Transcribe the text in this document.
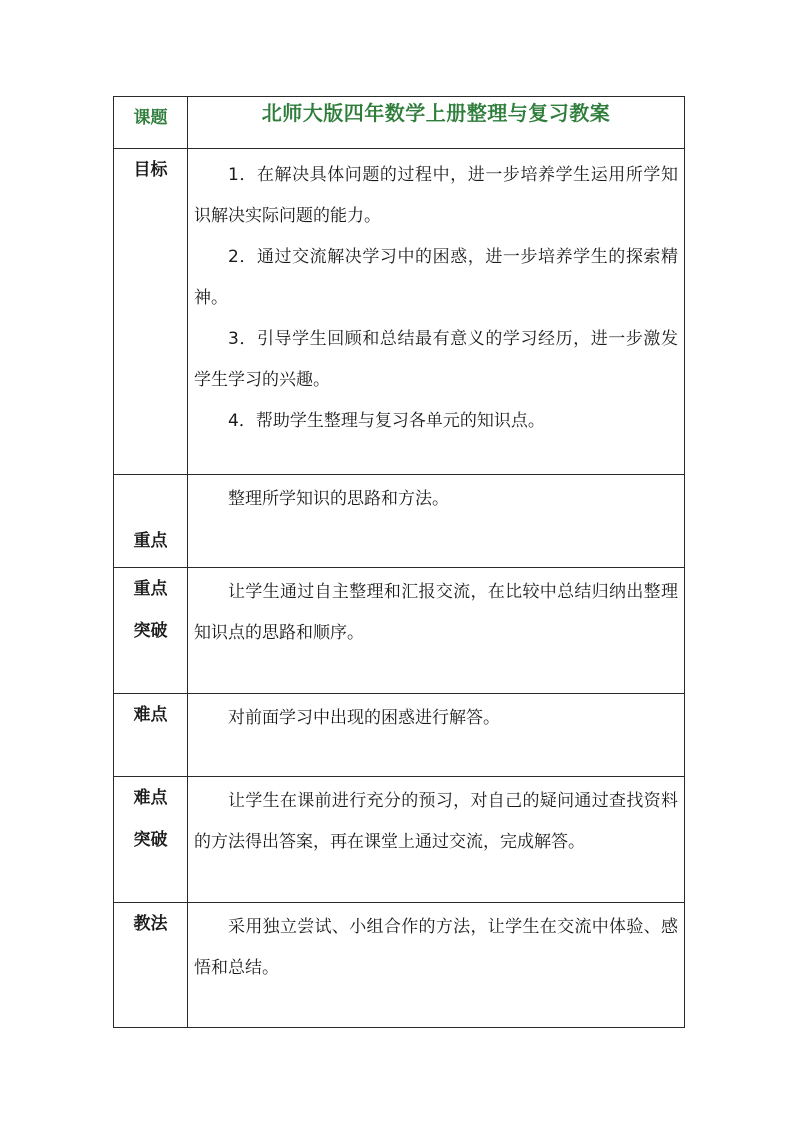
课题	北师大版四年数学上册整理与复习教案
目标	1．在解决具体问题的过程中，进一步培养学生运用所学知识解决实际问题的能力。

2．通过交流解决学习中的困惑，进一步培养学生的探索精神。

3．引导学生回顾和总结最有意义的学习经历，进一步激发学生学习的兴趣。

4．帮助学生整理与复习各单元的知识点。

重点	整理所学知识的思路和方法。

重点
突破	让学生通过自主整理和汇报交流，在比较中总结归纳出整理知识点的思路和顺序。

难点	对前面学习中出现的困惑进行解答。

难点
突破	让学生在课前进行充分的预习，对自己的疑问通过查找资料的方法得出答案，再在课堂上通过交流，完成解答。

教法	采用独立尝试、小组合作的方法，让学生在交流中体验、感悟和总结。
